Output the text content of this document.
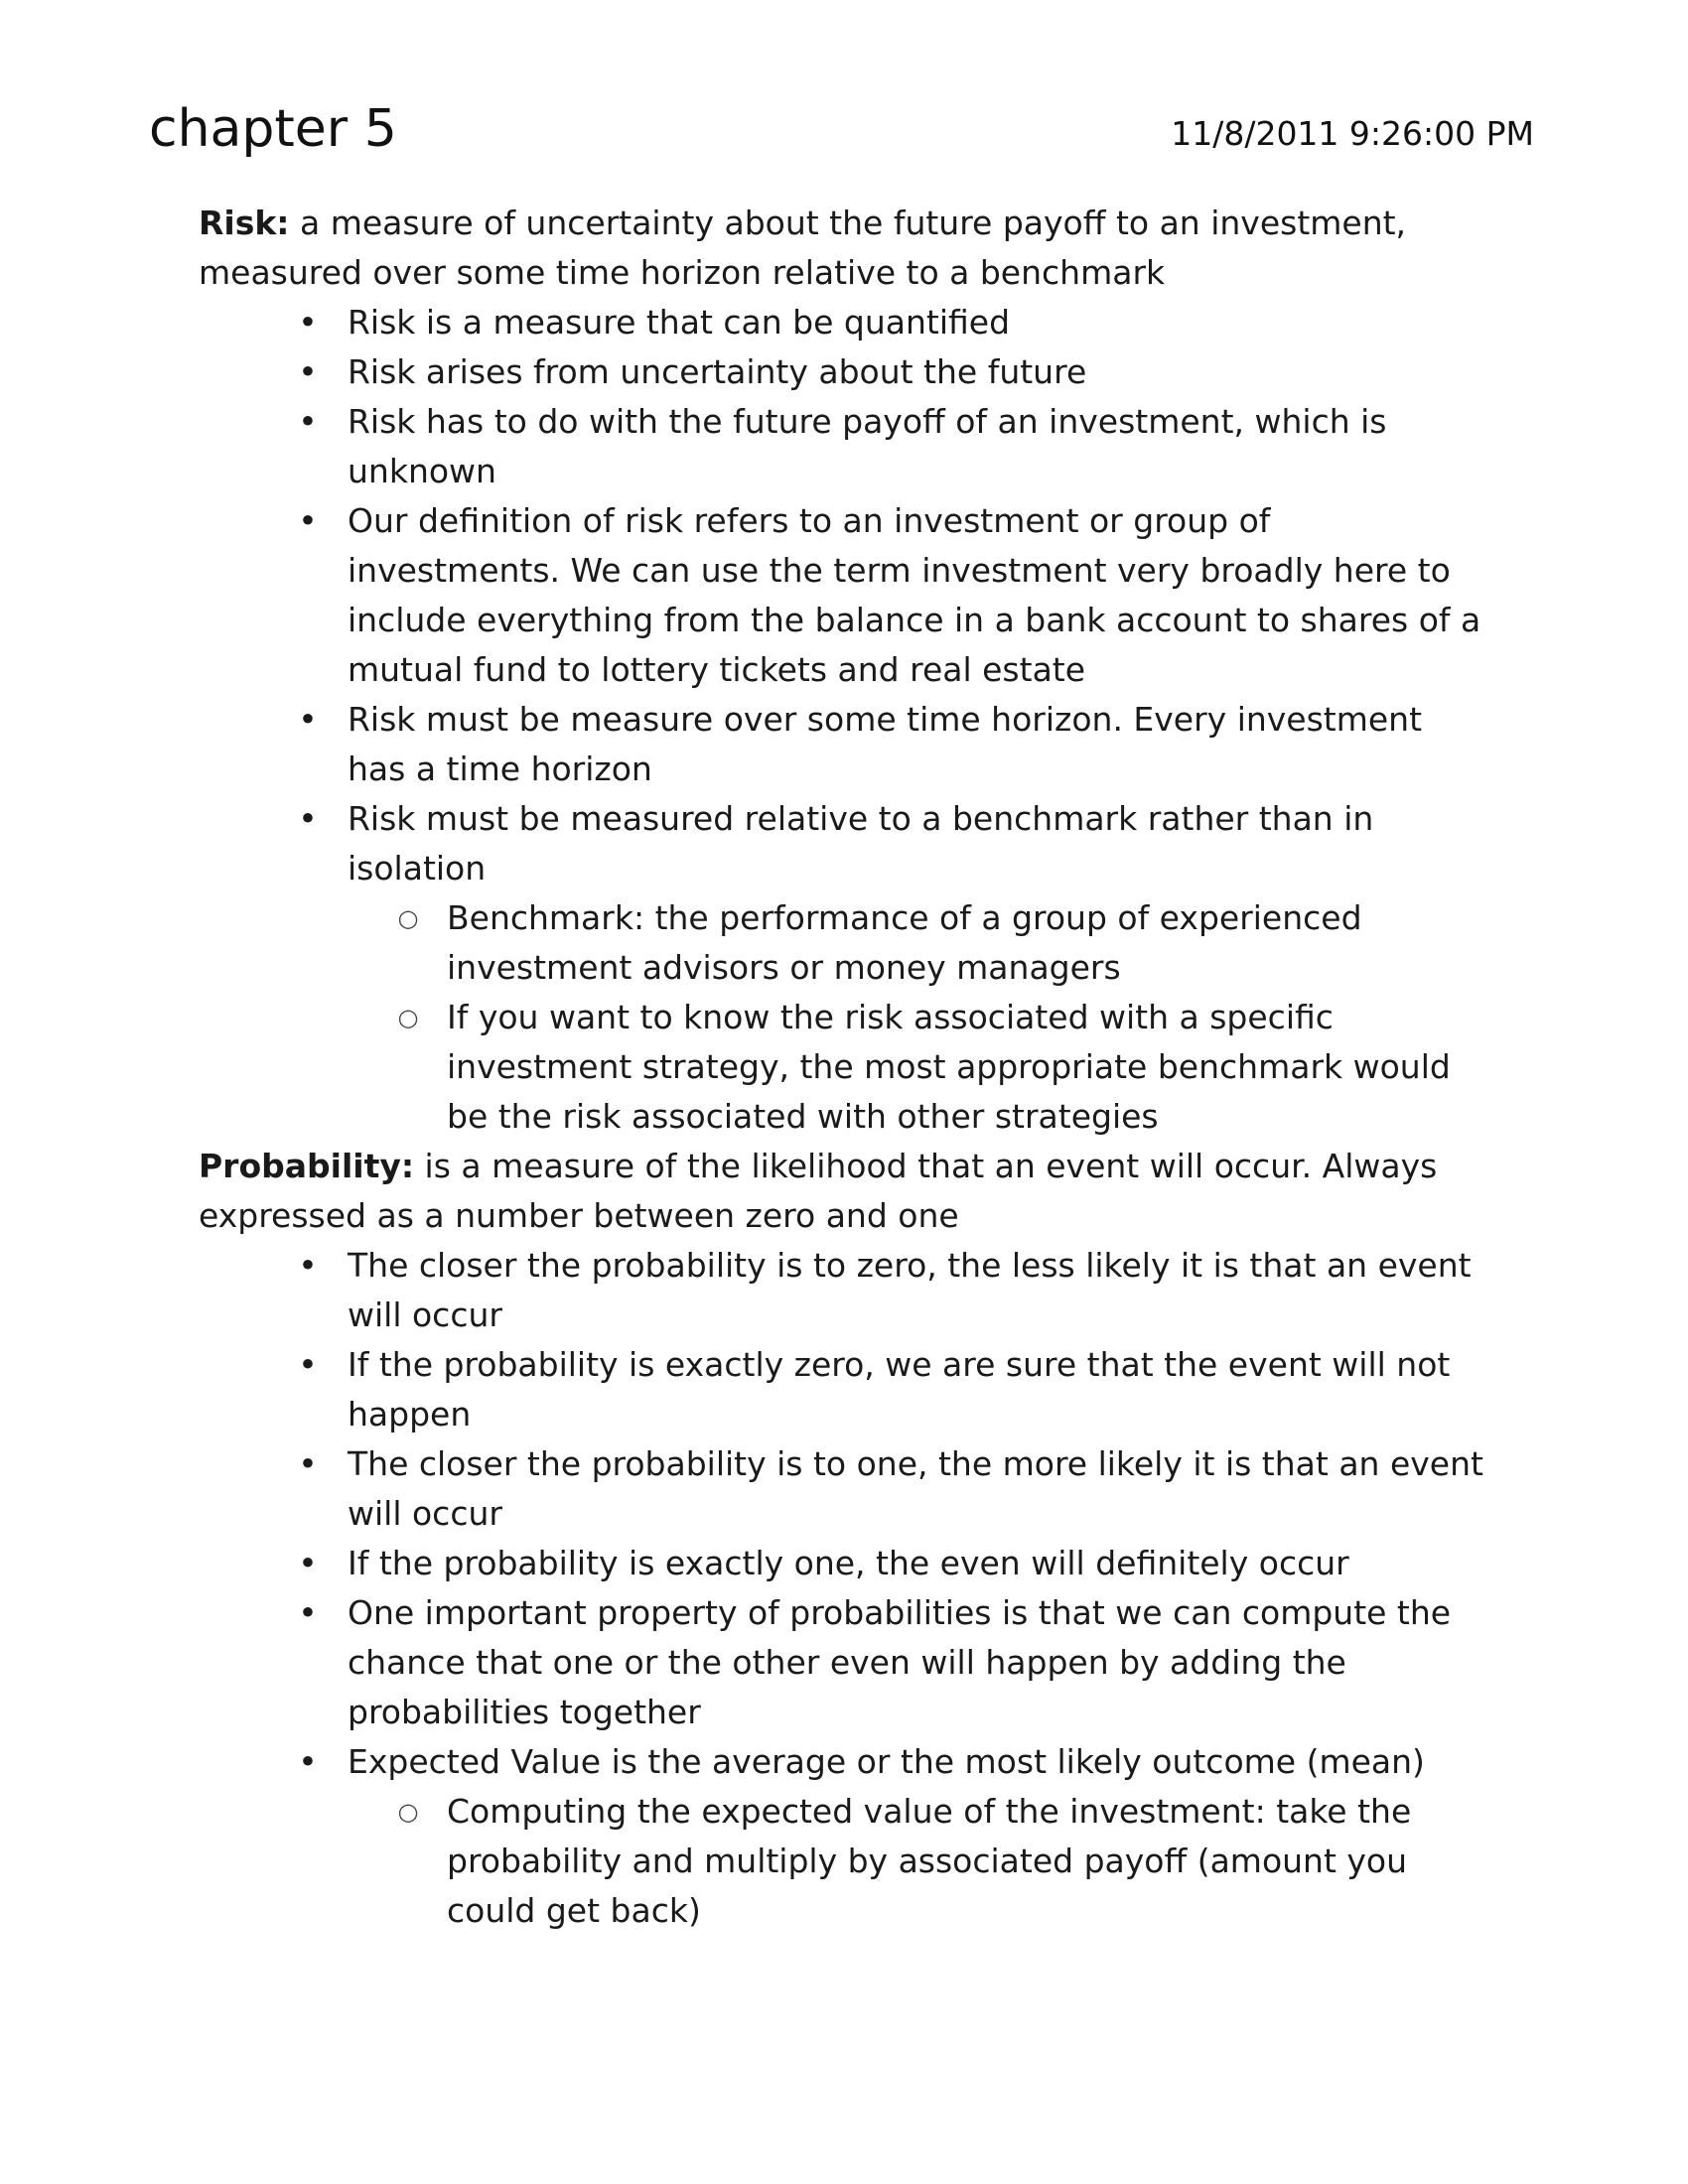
chapter 5	11/8/2011 9:26:00 PM

Risk: a measure of uncertainty about the future payoff to an investment, measured over some time horizon relative to a benchmark

• Risk is a measure that can be quantified
• Risk arises from uncertainty about the future
• Risk has to do with the future payoff of an investment, which is unknown
• Our definition of risk refers to an investment or group of investments. We can use the term investment very broadly here to include everything from the balance in a bank account to shares of a mutual fund to lottery tickets and real estate
• Risk must be measure over some time horizon. Every investment has a time horizon
• Risk must be measured relative to a benchmark rather than in isolation
○ Benchmark: the performance of a group of experienced investment advisors or money managers
○ If you want to know the risk associated with a specific investment strategy, the most appropriate benchmark would be the risk associated with other strategies

Probability: is a measure of the likelihood that an event will occur. Always expressed as a number between zero and one

• The closer the probability is to zero, the less likely it is that an event will occur
• If the probability is exactly zero, we are sure that the event will not happen
• The closer the probability is to one, the more likely it is that an event will occur
• If the probability is exactly one, the even will definitely occur
• One important property of probabilities is that we can compute the chance that one or the other even will happen by adding the probabilities together
• Expected Value is the average or the most likely outcome (mean)
○ Computing the expected value of the investment: take the probability and multiply by associated payoff (amount you could get back)
